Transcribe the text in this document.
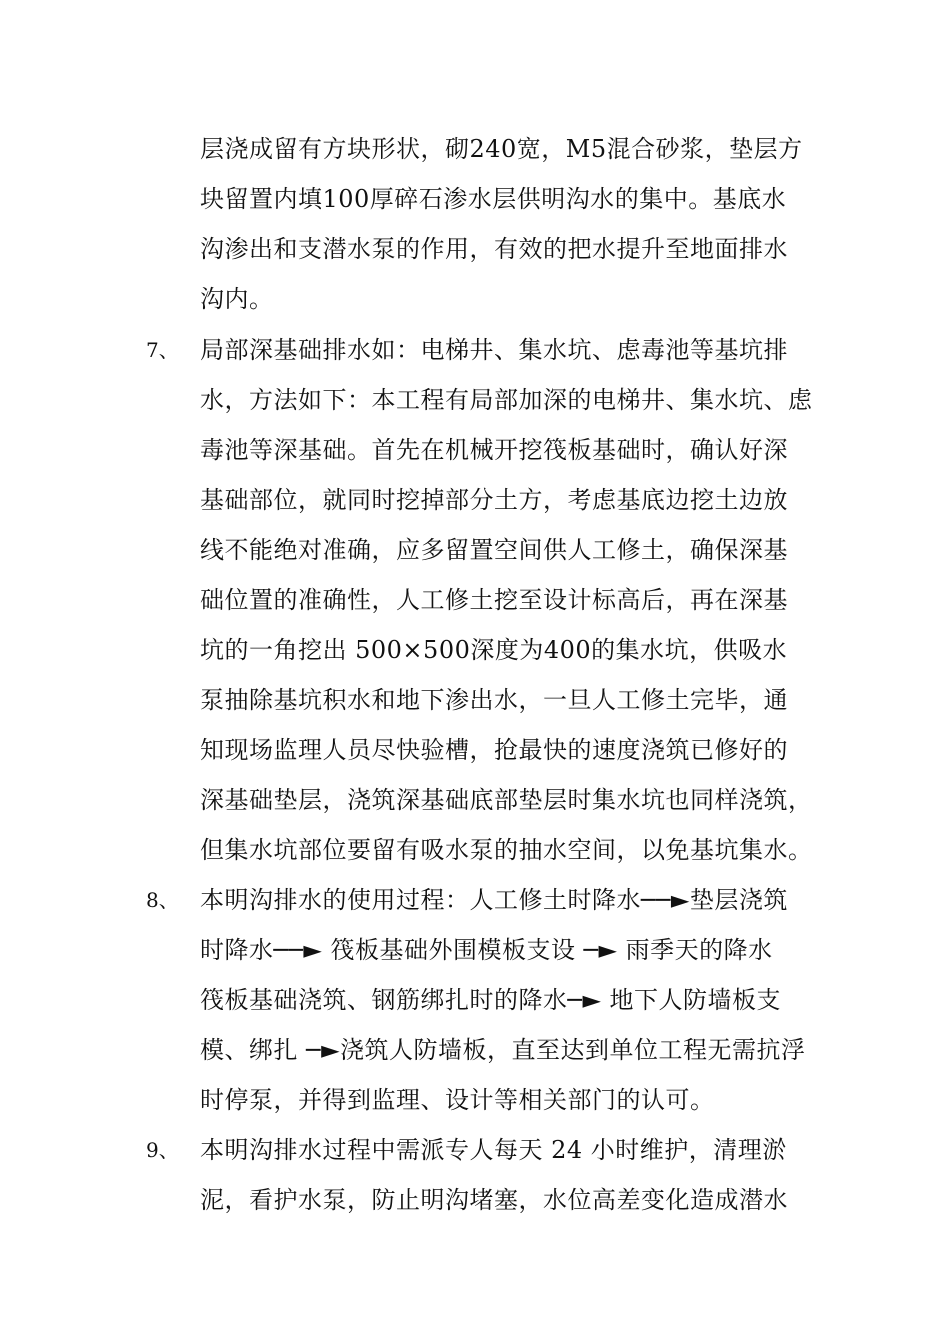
层浇成留有方块形状，砌240宽，M5混合砂浆，垫层方
块留置内填100厚碎石渗水层供明沟水的集中。基底水
沟渗出和支潜水泵的作用，有效的把水提升至地面排水
沟内。
7、 局部深基础排水如：电梯井、集水坑、虑毒池等基坑排
水，方法如下：本工程有局部加深的电梯井、集水坑、虑
毒池等深基础。首先在机械开挖筏板基础时，确认好深
基础部位，就同时挖掉部分土方，考虑基底边挖土边放
线不能绝对准确，应多留置空间供人工修土，确保深基
础位置的准确性，人工修土挖至设计标高后，再在深基
坑的一角挖出 500×500深度为400的集水坑，供吸水
泵抽除基坑积水和地下渗出水，一旦人工修土完毕，通
知现场监理人员尽快验槽，抢最快的速度浇筑已修好的
深基础垫层，浇筑深基础底部垫层时集水坑也同样浇筑，
但集水坑部位要留有吸水泵的抽水空间，以免基坑集水。
8、 本明沟排水的使用过程：人工修土时降水──►垫层浇筑
时降水──► 筏板基础外围模板支设 ─► 雨季天的降水
筏板基础浇筑、钢筋绑扎时的降水─► 地下人防墙板支
模、绑扎 ─►浇筑人防墙板，直至达到单位工程无需抗浮
时停泵，并得到监理、设计等相关部门的认可。
9、 本明沟排水过程中需派专人每天 24 小时维护，清理淤
泥，看护水泵，防止明沟堵塞，水位高差变化造成潜水
